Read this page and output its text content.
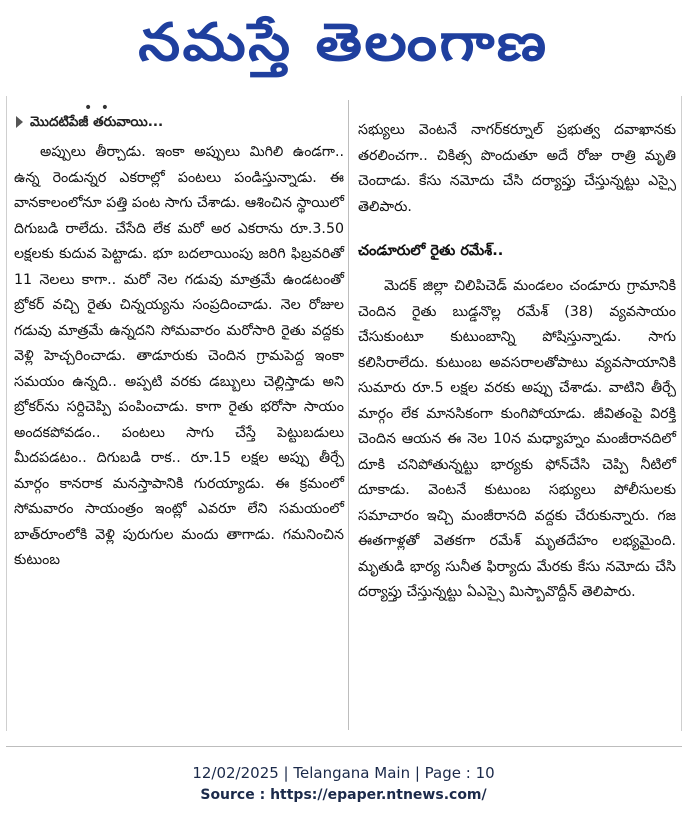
నమస్తే తెలంగాణ
• •
మొదటిపేజీ తరువాయి...

అప్పులు తీర్చాడు. ఇంకా అప్పులు మిగిలి ఉండగా.. ఉన్న రెండున్నర ఎకరాల్లో పంటలు పండిస్తున్నాడు. ఈ వానకాలంలోనూ పత్తి పంట సాగు చేశాడు. ఆశించిన స్థాయిలో దిగుబడి రాలేదు. చేసేది లేక మరో అర ఎకరాను రూ.3.50 లక్షలకు కుదువ పెట్టాడు. భూ బదలాయింపు జరిగి ఫిబ్రవరితో 11 నెలలు కాగా.. మరో నెల గడువు మాత్రమే ఉండటంతో బ్రోకర్ వచ్చి రైతు చిన్నయ్యను సంప్రదించాడు. నెల రోజుల గడువు మాత్రమే ఉన్నదని సోమవారం మరోసారి రైతు వద్దకు వెళ్లి హెచ్చరించాడు. తాడూరుకు చెందిన గ్రామపెద్ద ఇంకా సమయం ఉన్నది.. అప్పటి వరకు డబ్బులు చెల్లిస్తాడు అని బ్రోకర్‌ను సర్దిచెప్పి పంపించాడు. కాగా రైతు భరోసా సాయం అందకపోవడం.. పంటలు సాగు చేస్తే పెట్టుబడులు మీదపడటం.. దిగుబడి రాక.. రూ.15 లక్షల అప్పు తీర్చే మార్గం కానరాక మనస్తాపానికి గురయ్యాడు. ఈ క్రమంలో సోమవారం సాయంత్రం ఇంట్లో ఎవరూ లేని సమయంలో బాత్‌రూంలోకి వెళ్లి పురుగుల మందు తాగాడు. గమనించిన కుటుంబ

సభ్యులు వెంటనే నాగర్‌కర్నూల్ ప్రభుత్వ దవాఖానకు తరలించగా.. చికిత్స పొందుతూ అదే రోజు రాత్రి మృతి చెందాడు. కేసు నమోదు చేసి దర్యాప్తు చేస్తున్నట్టు ఎస్సై తెలిపారు.

చండూరులో రైతు రమేశ్..

మెదక్ జిల్లా చిలిపిచెడ్ మండలం చండూరు గ్రామానికి చెందిన రైతు బుడ్డనొల్ల రమేశ్ (38) వ్యవసాయం చేసుకుంటూ కుటుంబాన్ని పోషిస్తున్నాడు. సాగు కలిసిరాలేదు. కుటుంబ అవసరాలతోపాటు వ్యవసాయానికి సుమారు రూ.5 లక్షల వరకు అప్పు చేశాడు. వాటిని తీర్చే మార్గం లేక మానసికంగా కుంగిపోయాడు. జీవితంపై విరక్తి చెందిన ఆయన ఈ నెల 10న మధ్యాహ్నం మంజీరానదిలో దూకి చనిపోతున్నట్టు భార్యకు ఫోన్‌చేసి చెప్పి నీటిలో దూకాడు. వెంటనే కుటుంబ సభ్యులు పోలీసులకు సమాచారం ఇచ్చి మంజీరానది వద్దకు చేరుకున్నారు. గజ ఈతగాళ్లతో వెతకగా రమేశ్ మృతదేహం లభ్యమైంది. మృతుడి భార్య సునీత ఫిర్యాదు మేరకు కేసు నమోదు చేసి దర్యాప్తు చేస్తున్నట్టు ఏఎస్సై మిస్బావొద్దీన్ తెలిపారు.

12/02/2025 | Telangana Main | Page : 10
Source : https://epaper.ntnews.com/
